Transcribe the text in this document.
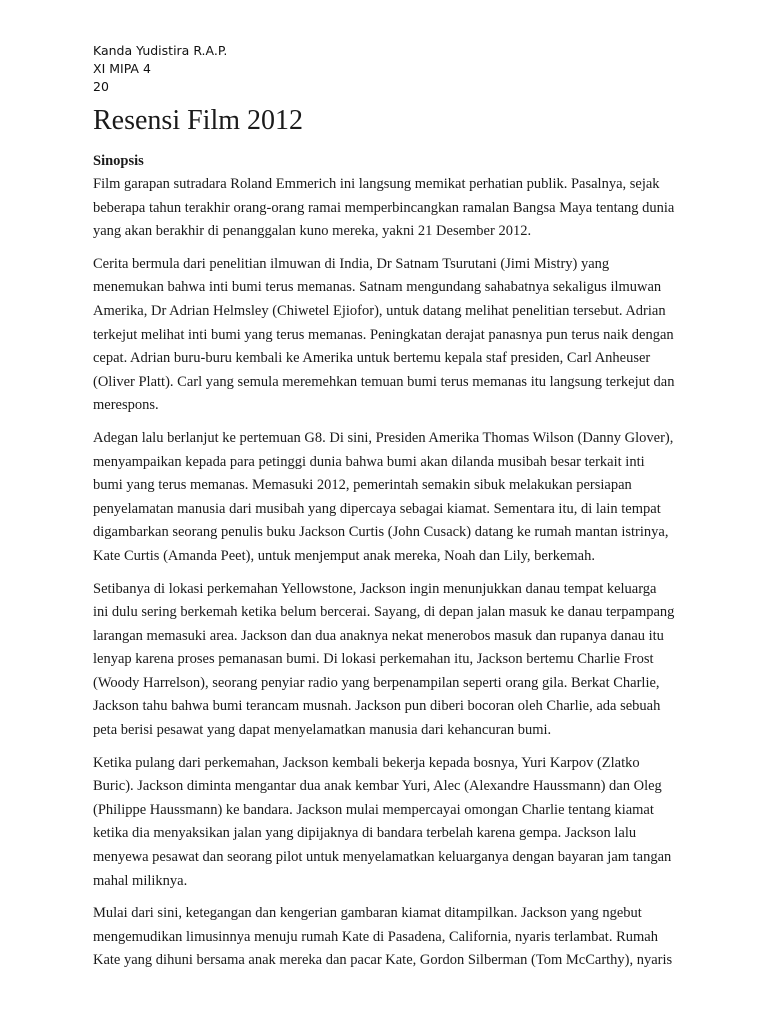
Kanda Yudistira R.A.P.

XI MIPA 4

20

Resensi Film 2012
Sinopsis

Film garapan sutradara Roland Emmerich ini langsung memikat perhatian publik. Pasalnya, sejak beberapa tahun terakhir orang-orang ramai memperbincangkan ramalan Bangsa Maya tentang dunia yang akan berakhir di penanggalan kuno mereka, yakni 21 Desember 2012.

Cerita bermula dari penelitian ilmuwan di India, Dr Satnam Tsurutani (Jimi Mistry) yang menemukan bahwa inti bumi terus memanas. Satnam mengundang sahabatnya sekaligus ilmuwan Amerika, Dr Adrian Helmsley (Chiwetel Ejiofor), untuk datang melihat penelitian tersebut. Adrian terkejut melihat inti bumi yang terus memanas. Peningkatan derajat panasnya pun terus naik dengan cepat. Adrian buru-buru kembali ke Amerika untuk bertemu kepala staf presiden, Carl Anheuser (Oliver Platt). Carl yang semula meremehkan temuan bumi terus memanas itu langsung terkejut dan merespons.

Adegan lalu berlanjut ke pertemuan G8. Di sini, Presiden Amerika Thomas Wilson (Danny Glover), menyampaikan kepada para petinggi dunia bahwa bumi akan dilanda musibah besar terkait inti bumi yang terus memanas. Memasuki 2012, pemerintah semakin sibuk melakukan persiapan penyelamatan manusia dari musibah yang dipercaya sebagai kiamat. Sementara itu, di lain tempat digambarkan seorang penulis buku Jackson Curtis (John Cusack) datang ke rumah mantan istrinya, Kate Curtis (Amanda Peet), untuk menjemput anak mereka, Noah dan Lily, berkemah.

Setibanya di lokasi perkemahan Yellowstone, Jackson ingin menunjukkan danau tempat keluarga ini dulu sering berkemah ketika belum bercerai. Sayang, di depan jalan masuk ke danau terpampang larangan memasuki area. Jackson dan dua anaknya nekat menerobos masuk dan rupanya danau itu lenyap karena proses pemanasan bumi. Di lokasi perkemahan itu, Jackson bertemu Charlie Frost (Woody Harrelson), seorang penyiar radio yang berpenampilan seperti orang gila. Berkat Charlie, Jackson tahu bahwa bumi terancam musnah. Jackson pun diberi bocoran oleh Charlie, ada sebuah peta berisi pesawat yang dapat menyelamatkan manusia dari kehancuran bumi.

Ketika pulang dari perkemahan, Jackson kembali bekerja kepada bosnya, Yuri Karpov (Zlatko Buric). Jackson diminta mengantar dua anak kembar Yuri, Alec (Alexandre Haussmann) dan Oleg (Philippe Haussmann) ke bandara. Jackson mulai mempercayai omongan Charlie tentang kiamat ketika dia menyaksikan jalan yang dipijaknya di bandara terbelah karena gempa. Jackson lalu menyewa pesawat dan seorang pilot untuk menyelamatkan keluarganya dengan bayaran jam tangan mahal miliknya.

Mulai dari sini, ketegangan dan kengerian gambaran kiamat ditampilkan. Jackson yang ngebut mengemudikan limusinnya menuju rumah Kate di Pasadena, California, nyaris terlambat. Rumah Kate yang dihuni bersama anak mereka dan pacar Kate, Gordon Silberman (Tom McCarthy), nyaris
